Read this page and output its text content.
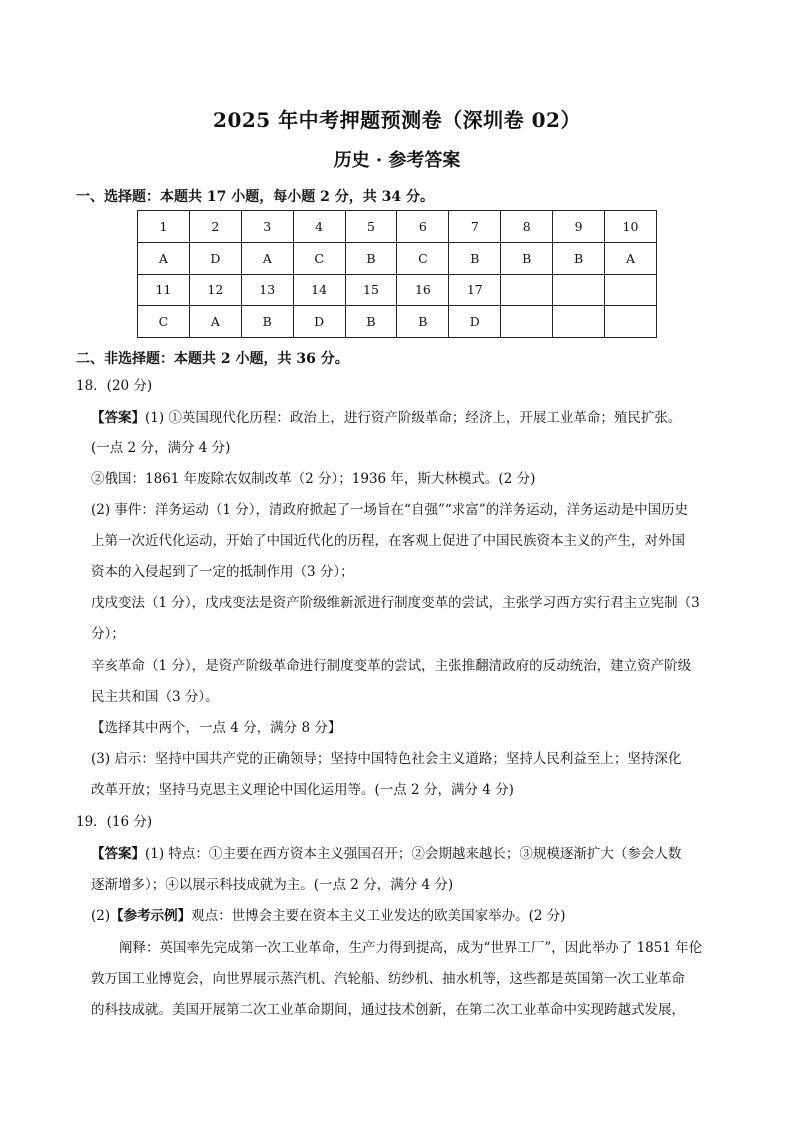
2025 年中考押题预测卷（深圳卷 02）
历史 · 参考答案
一、选择题：本题共 17 小题，每小题 2 分，共 34 分。
1	2	3	4	5	6	7	8	9	10
A	D	A	C	B	C	B	B	B	A
11	12	13	14	15	16	17			
C	A	B	D	B	B	D			
二、非选择题：本题共 2 小题，共 36 分。
18．(20 分)
【答案】(1) ①英国现代化历程：政治上，进行资产阶级革命；经济上，开展工业革命；殖民扩张。
(一点 2 分，满分 4 分)
②俄国：1861 年废除农奴制改革（2 分）；1936 年，斯大林模式。(2 分)
(2) 事件：洋务运动（1 分），清政府掀起了一场旨在“自强”“求富”的洋务运动，洋务运动是中国历史
上第一次近代化运动，开始了中国近代化的历程，在客观上促进了中国民族资本主义的产生，对外国
资本的入侵起到了一定的抵制作用（3 分）；
戊戌变法（1 分），戊戌变法是资产阶级维新派进行制度变革的尝试，主张学习西方实行君主立宪制（3
分）；
辛亥革命（1 分），是资产阶级革命进行制度变革的尝试，主张推翻清政府的反动统治，建立资产阶级
民主共和国（3 分）。
【选择其中两个，一点 4 分，满分 8 分】
(3) 启示：坚持中国共产党的正确领导；坚持中国特色社会主义道路；坚持人民利益至上；坚持深化
改革开放；坚持马克思主义理论中国化运用等。(一点 2 分，满分 4 分)
19．(16 分)
【答案】(1) 特点：①主要在西方资本主义强国召开；②会期越来越长；③规模逐渐扩大（参会人数
逐渐增多）；④以展示科技成就为主。(一点 2 分，满分 4 分)
(2)【参考示例】观点：世博会主要在资本主义工业发达的欧美国家举办。(2 分)
阐释：英国率先完成第一次工业革命，生产力得到提高，成为“世界工厂”，因此举办了 1851 年伦
敦万国工业博览会，向世界展示蒸汽机、汽轮船、纺纱机、抽水机等，这些都是英国第一次工业革命
的科技成就。美国开展第二次工业革命期间，通过技术创新，在第二次工业革命中实现跨越式发展，
